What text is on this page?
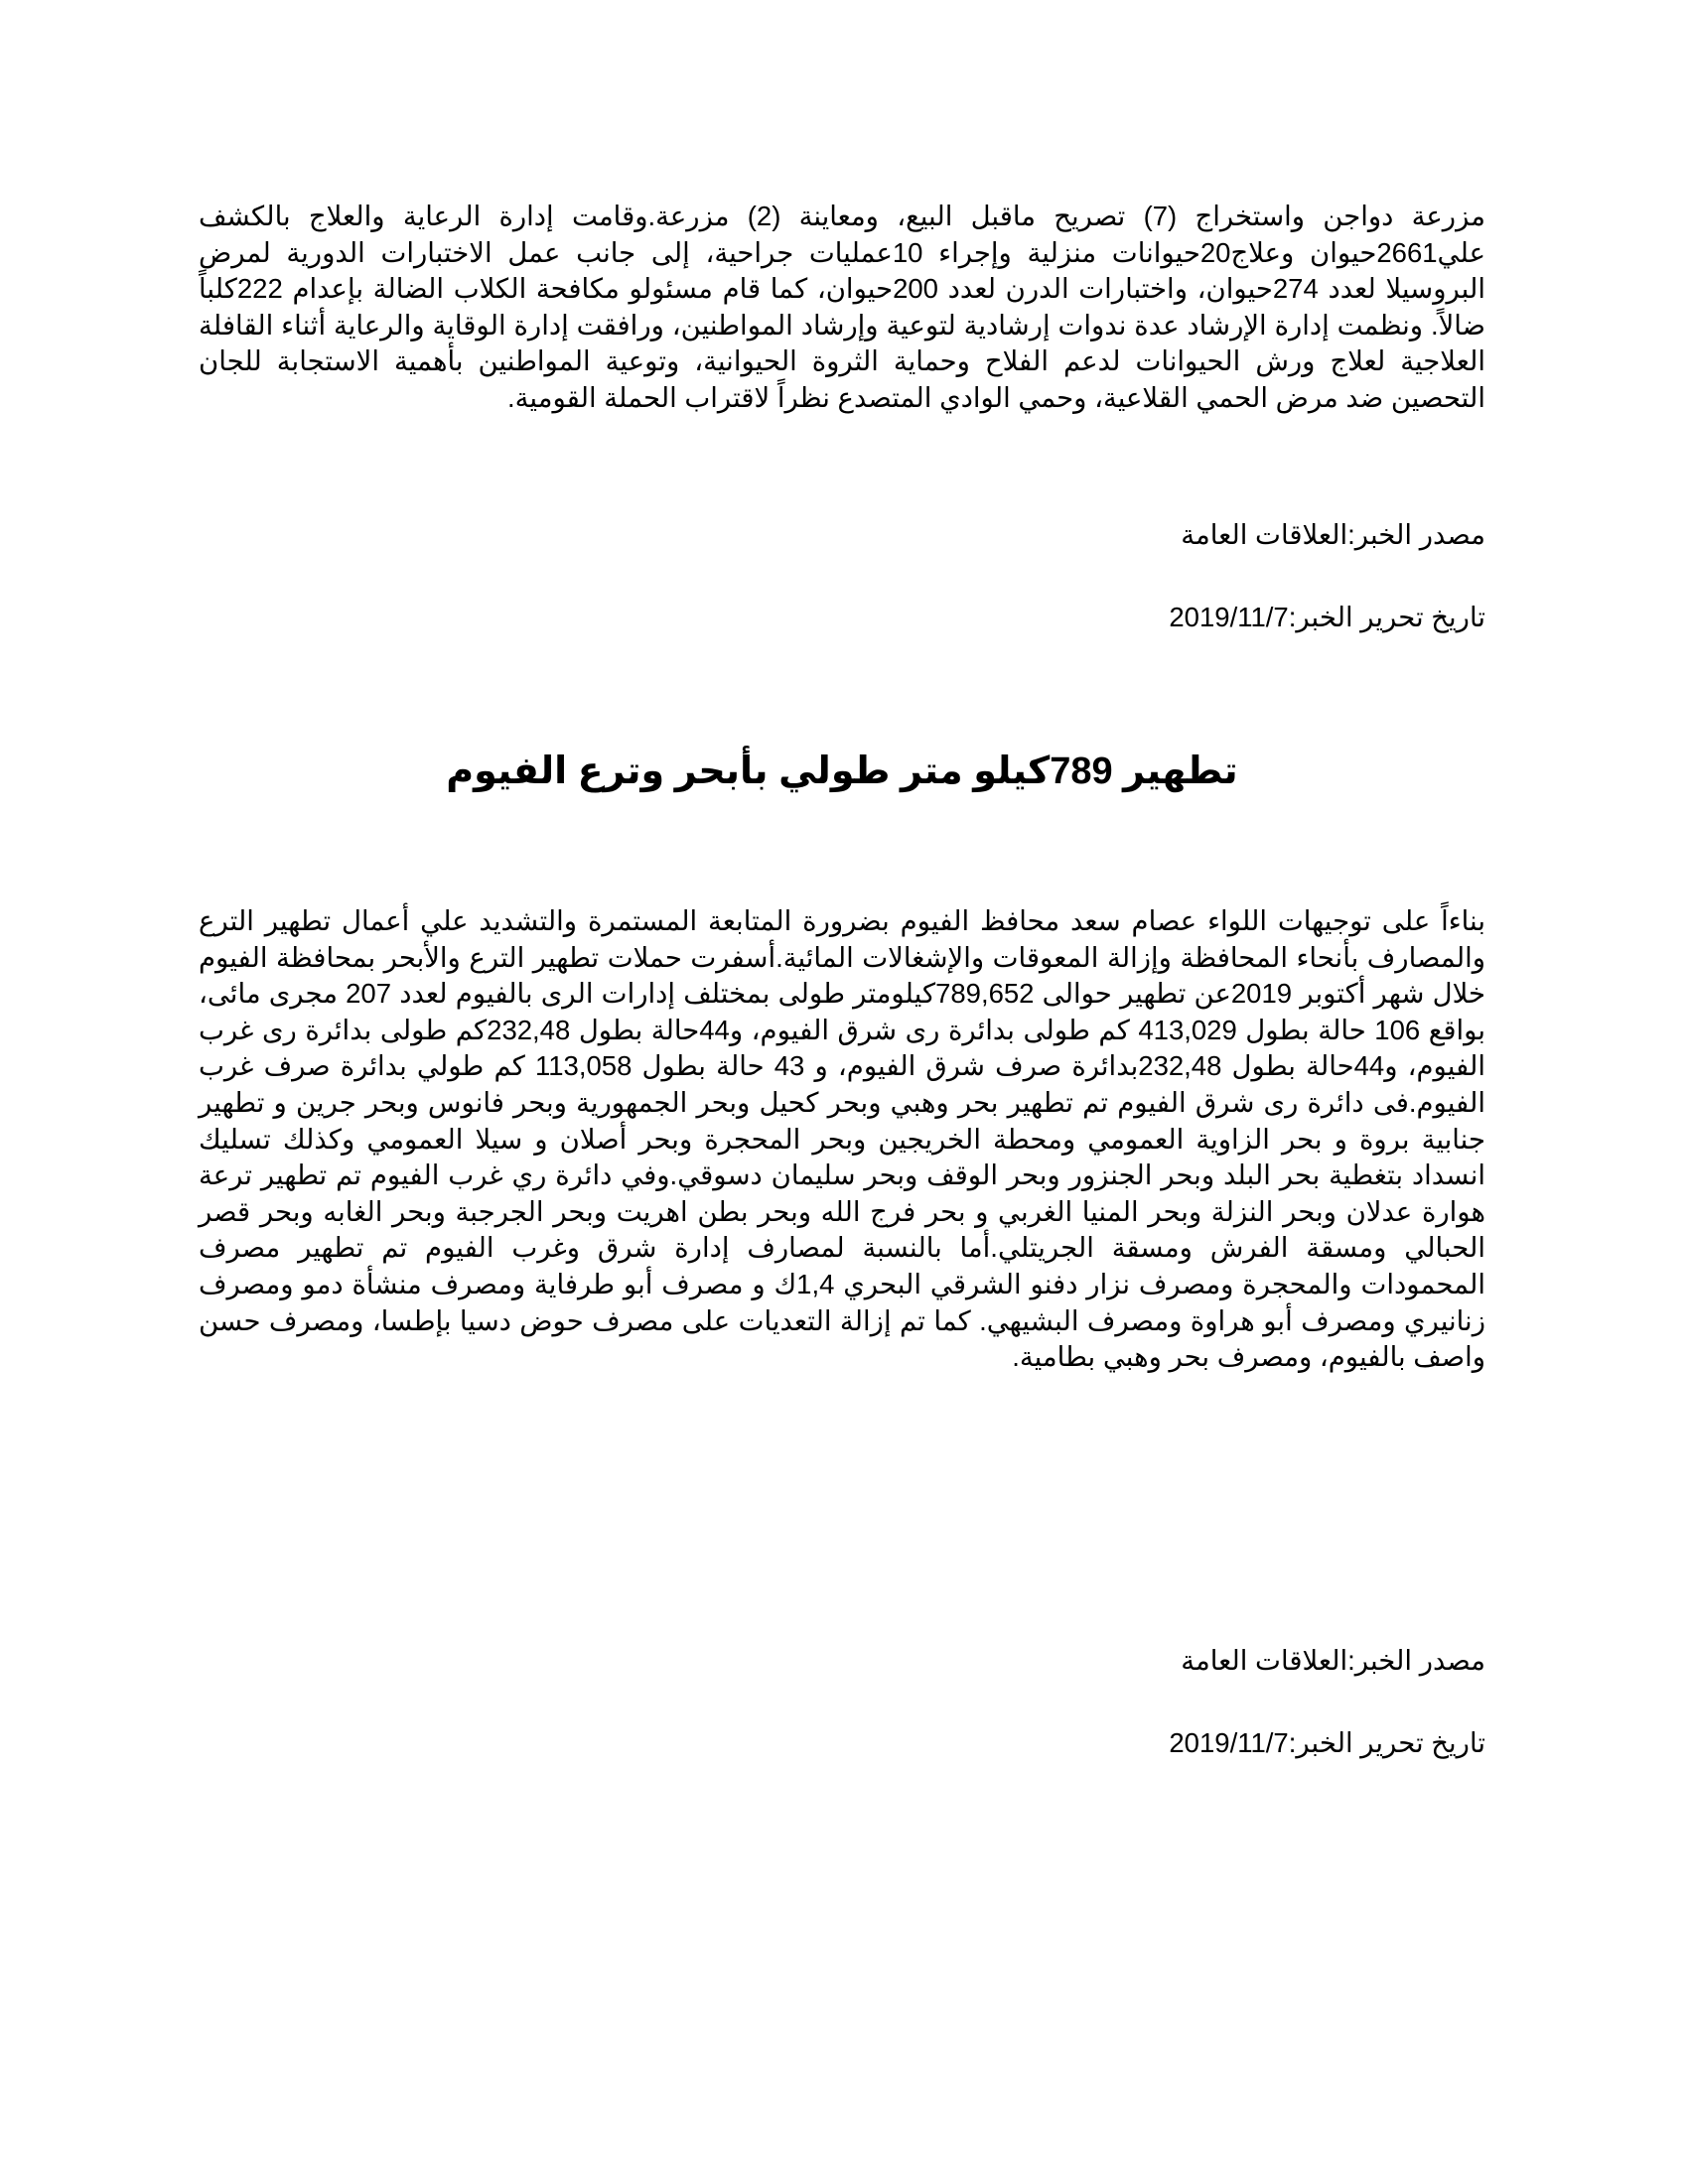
مزرعة دواجن واستخراج (7) تصريح ماقبل البيع، ومعاينة (2) مزرعة.وقامت إدارة الرعاية والعلاج بالكشف علي2661حيوان وعلاج20حيوانات منزلية وإجراء 10عمليات جراحية، إلى جانب عمل الاختبارات الدورية لمرض البروسيلا لعدد 274حيوان، واختبارات الدرن لعدد 200حيوان، كما قام مسئولو مكافحة الكلاب الضالة بإعدام 222كلباً ضالاً. ونظمت إدارة الإرشاد عدة ندوات إرشادية لتوعية وإرشاد المواطنين، ورافقت إدارة الوقاية والرعاية أثناء القافلة العلاجية لعلاج ورش الحيوانات لدعم الفلاح وحماية الثروة الحيوانية، وتوعية المواطنين بأهمية الاستجابة للجان التحصين ضد مرض الحمي القلاعية، وحمي الوادي المتصدع نظراً لاقتراب الحملة القومية.

مصدر الخبر:العلاقات العامة
تاريخ تحرير الخبر:2019/11/7
تطهير 789كيلو متر طولي بأبحر وترع الفيوم

بناءاً على توجيهات اللواء عصام سعد محافظ الفيوم بضرورة المتابعة المستمرة والتشديد علي أعمال تطهير الترع والمصارف بأنحاء المحافظة وإزالة المعوقات والإشغالات المائية.أسفرت حملات تطهير الترع والأبحر بمحافظة الفيوم خلال شهر أكتوبر 2019عن تطهير حوالى 789,652كيلومتر طولى بمختلف إدارات الرى بالفيوم لعدد 207 مجرى مائى، بواقع 106 حالة بطول 413,029 كم طولى بدائرة رى شرق الفيوم، و44حالة بطول 232,48كم طولى بدائرة رى غرب الفيوم، و44حالة بطول 232,48بدائرة صرف شرق الفيوم، و 43 حالة بطول 113,058 كم طولي بدائرة صرف غرب الفيوم.فى دائرة رى شرق الفيوم تم تطهير بحر وهبي وبحر كحيل وبحر الجمهورية وبحر فانوس وبحر جرين و تطهير جنابية بروة و بحر الزاوية العمومي ومحطة الخريجين وبحر المحجرة وبحر أصلان و سيلا العمومي وكذلك تسليك انسداد بتغطية بحر البلد وبحر الجنزور وبحر الوقف وبحر سليمان دسوقي.وفي دائرة ري غرب الفيوم تم تطهير ترعة هوارة عدلان وبحر النزلة وبحر المنيا الغربي و بحر فرج الله وبحر بطن اهريت وبحر الجرجبة وبحر الغابه وبحر قصر الحبالي ومسقة الفرش ومسقة الجريتلي.أما بالنسبة لمصارف إدارة شرق وغرب الفيوم تم تطهير مصرف المحمودات والمحجرة ومصرف نزار دفنو الشرقي البحري 1,4ك و مصرف أبو طرفاية ومصرف منشأة دمو ومصرف زنانيري ومصرف أبو هراوة ومصرف البشيهي. كما تم إزالة التعديات على مصرف حوض دسيا بإطسا، ومصرف حسن واصف بالفيوم، ومصرف بحر وهبي بطامية.

مصدر الخبر:العلاقات العامة
تاريخ تحرير الخبر:2019/11/7
